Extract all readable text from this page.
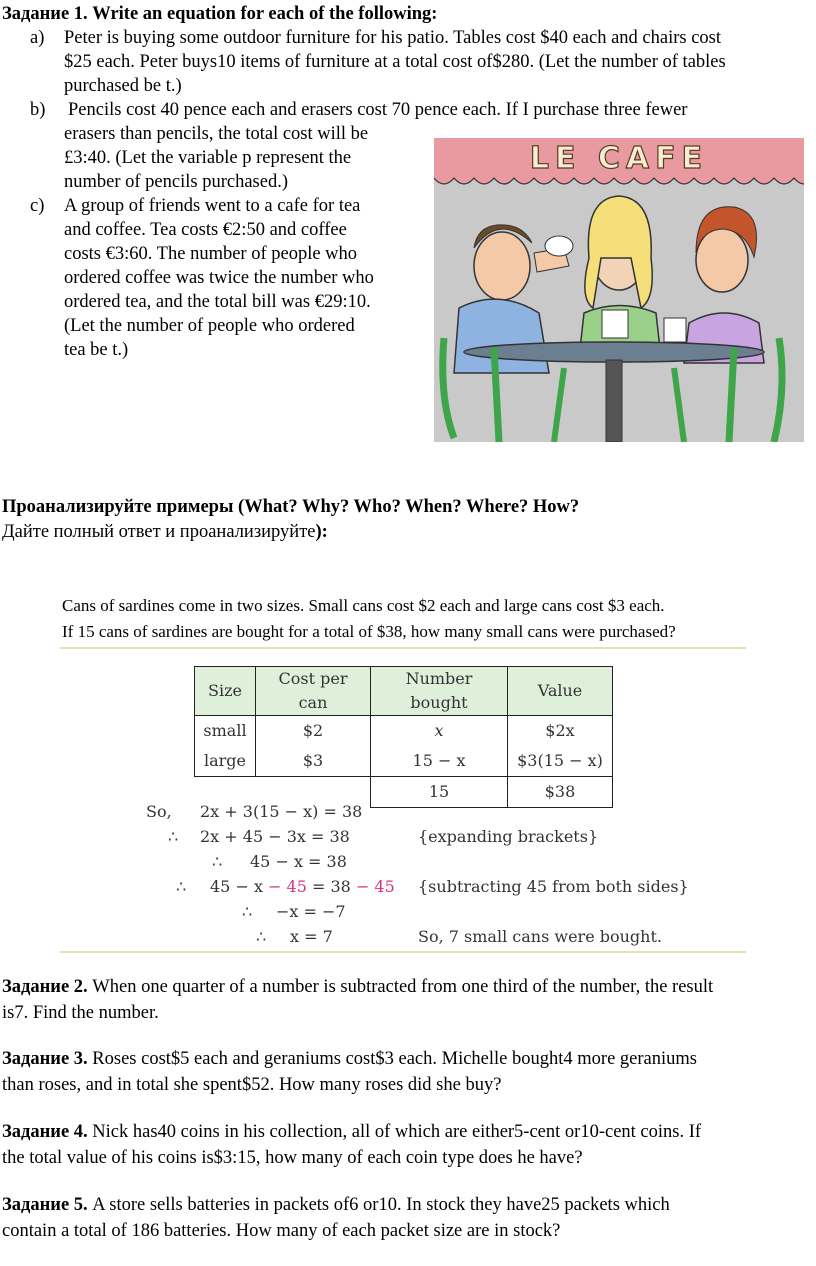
Задание 1. Write an equation for each of the following:
a) Peter is buying some outdoor furniture for his patio. Tables cost $40 each and chairs cost
$25 each. Peter buys10 items of furniture at a total cost of$280. (Let the number of tables
purchased be t.)
b) Pencils cost 40 pence each and erasers cost 70 pence each. If I purchase three fewer
erasers than pencils, the total cost will be
£3:40. (Let the variable p represent the
number of pencils purchased.)
c) A group of friends went to a cafe for tea
and coffee. Tea costs €2:50 and coffee
costs €3:60. The number of people who
ordered coffee was twice the number who
ordered tea, and the total bill was €29:10.
(Let the number of people who ordered
tea be t.)
LE CAFE
Проанализируйте примеры (What? Why? Who? When? Where? How?
Дайте полный ответ и проанализируйте):
Cans of sardines come in two sizes. Small cans cost $2 each and large cans cost $3 each.
If 15 cans of sardines are bought for a total of $38, how many small cans were purchased?
Size	Cost per can	Number bought	Value
small	$2	x	$2x
large	$3	15 − x	$3(15 − x)
		15	$38
So, 2x + 3(15 − x) = 38
∴ 2x + 45 − 3x = 38	{expanding brackets}
∴ 45 − x = 38
∴ 45 − x − 45 = 38 − 45 {subtracting 45 from both sides}
∴ −x = −7
∴ x = 7	So, 7 small cans were bought.
Задание 2. When one quarter of a number is subtracted from one third of the number, the result
is7. Find the number.
Задание 3. Roses cost$5 each and geraniums cost$3 each. Michelle bought4 more geraniums
than roses, and in total she spent$52. How many roses did she buy?
Задание 4. Nick has40 coins in his collection, all of which are either5-cent or10-cent coins. If
the total value of his coins is$3:15, how many of each coin type does he have?
Задание 5. A store sells batteries in packets of6 or10. In stock they have25 packets which
contain a total of 186 batteries. How many of each packet size are in stock?
